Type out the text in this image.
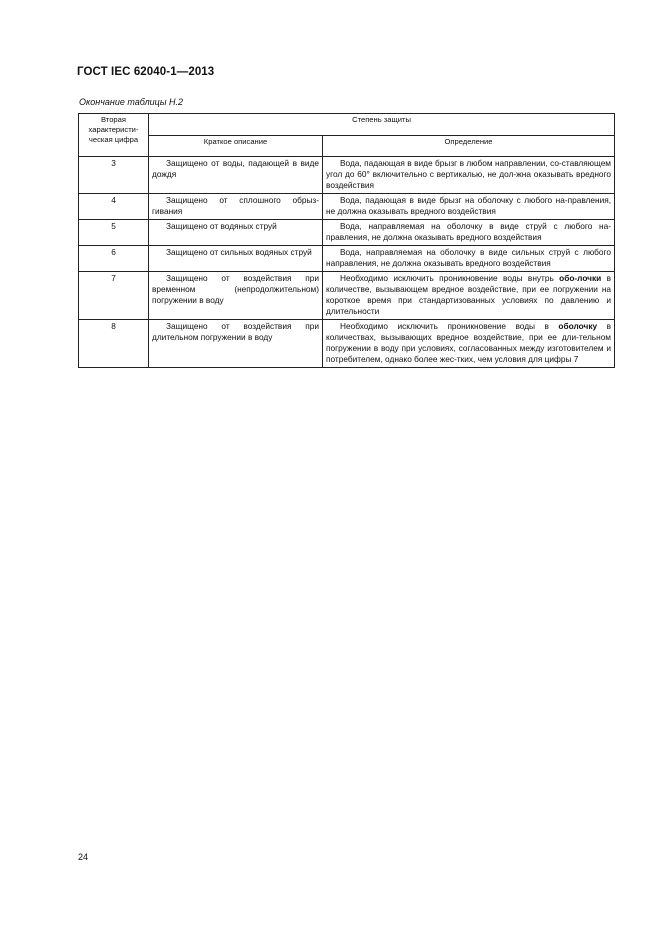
ГОСТ IEC 62040-1—2013
Окончание таблицы Н.2
Вторая характеристи-ческая цифра	Степень защиты	
	Краткое описание	Определение
3	Защищено от воды, падающей в виде дождя	Вода, падающая в виде брызг в любом направлении, со-ставляющем угол до 60° включительно с вертикалью, не дол-жна оказывать вредного воздействия
4	Защищено от сплошного обрыз-гивания	Вода, падающая в виде брызг на оболочку с любого на-правления, не должна оказывать вредного воздействия
5	Защищено от водяных струй	Вода, направляемая на оболочку в виде струй с любого на-правления, не должна оказывать вредного воздействия
6	Защищено от сильных водяных струй	Вода, направляемая на оболочку в виде сильных струй с любого направления, не должна оказывать вредного воздействия
7	Защищено от воздействия при временном (непродолжительном) погружении в воду	Необходимо исключить проникновение воды внутрь обо-лочки в количестве, вызывающем вредное воздействие, при ее погружении на короткое время при стандартизованных условиях по давлению и длительности
8	Защищено от воздействия при длительном погружении в воду	Необходимо исключить проникновение воды в оболочку в количествах, вызывающих вредное воздействие, при ее дли-тельном погружении в воду при условиях, согласованных между изготовителем и потребителем, однако более жес-тких, чем условия для цифры 7
24
